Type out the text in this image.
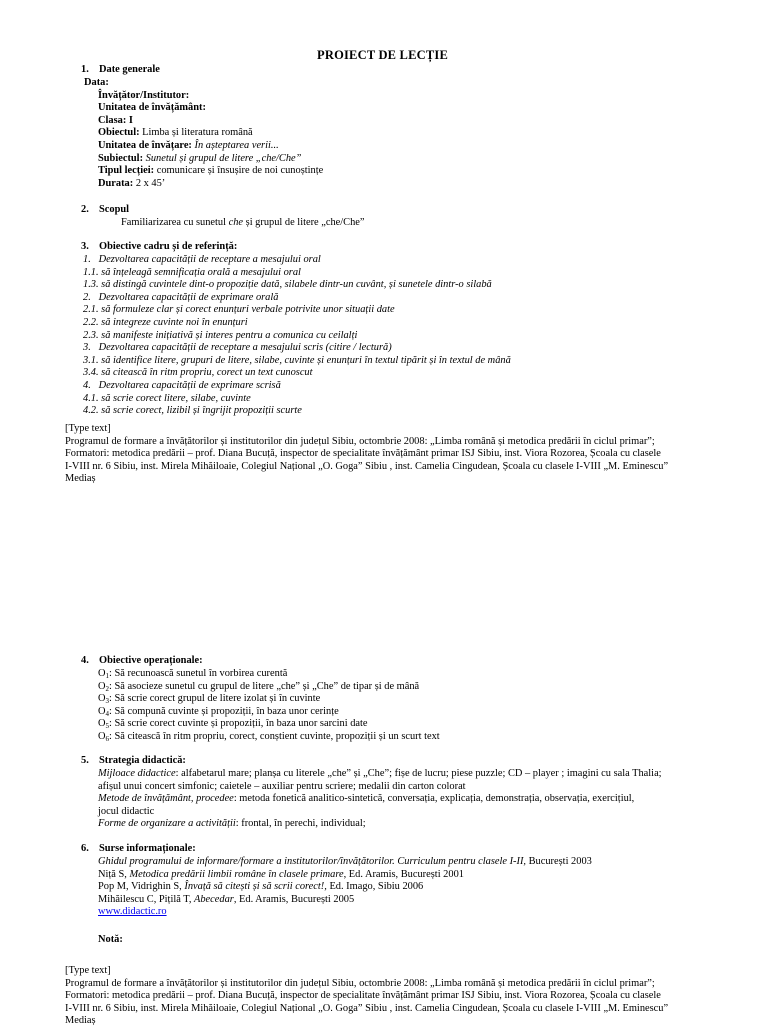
PROIECT DE LECȚIE
1. Date generale
Data:
Învățător/Institutor:
Unitatea de învățământ:
Clasa: I
Obiectul: Limba și literatura română
Unitatea de învățare: În așteptarea verii...
Subiectul: Sunetul și grupul de litere „che/Che”
Tipul lecției: comunicare și însușire de noi cunoștințe
Durata: 2 x 45’
2. Scopul
Familiarizarea cu sunetul che și grupul de litere „che/Che”
3. Obiective cadru și de referință:
1.   Dezvoltarea capacității de receptare a mesajului oral
1.1. să înțeleagă semnificația orală a mesajului oral
1.3. să distingă cuvintele dint-o propoziție dată, silabele dintr-un cuvânt, și sunetele dintr-o silabă
2.   Dezvoltarea capacității de exprimare orală
2.1. să formuleze clar și corect enunțuri verbale potrivite unor situații date
2.2. să integreze cuvinte noi în enunțuri
2.3. să manifeste inițiativă și interes pentru a comunica cu ceilalți
3.   Dezvoltarea capacității de receptare a mesajului scris (citire / lectură)
3.1. să identifice litere, grupuri de litere, silabe, cuvinte și enunțuri în textul tipărit și în textul de mână
3.4. să citească în ritm propriu, corect un text cunoscut
4.   Dezvoltarea capacității de exprimare scrisă
4.1. să scrie corect litere, silabe, cuvinte
4.2. să scrie corect, lizibil și îngrijit propoziții scurte
[Type text]
Programul de formare a învățătorilor și institutorilor din județul Sibiu, octombrie 2008: „Limba română și metodica predării în ciclul primar”;
Formatori: metodica predării – prof. Diana Bucuță, inspector de specialitate învățământ primar ISJ Sibiu, inst. Viora Rozorea, Școala cu clasele
I-VIII nr. 6 Sibiu, inst. Mirela Mihăiloaie, Colegiul Național „O. Goga” Sibiu , inst. Camelia Cingudean, Școala cu clasele I-VIII „M. Eminescu”
Mediaș
4. Obiective operaționale:
$O_1$: Să recunoască sunetul în vorbirea curentă
$O_2$: Să asocieze sunetul cu grupul de litere „che” și „Che” de tipar și de mână
$O_3$: Să scrie corect grupul de litere izolat și în cuvinte
$O_4$: Să compună cuvinte și propoziții, în baza unor cerințe
$O_5$: Să scrie corect cuvinte și propoziții, în baza unor sarcini date
$O_6$: Să citească în ritm propriu, corect, conștient cuvinte, propoziții și un scurt text
5. Strategia didactică:
Mijloace didactice: alfabetarul mare; planșa cu literele „che” și „Che”; fișe de lucru; piese puzzle; CD – player ; imagini cu sala Thalia;
afișul unui concert simfonic; caietele – auxiliar pentru scriere; medalii din carton colorat
Metode de învățământ, procedee: metoda fonetică analitico-sintetică, conversația, explicația, demonstrația, observația, exercițiul,
jocul didactic
Forme de organizare a activității: frontal, în perechi, individual;
6. Surse informaționale:
Ghidul programului de informare/formare a institutorilor/învățătorilor. Curriculum pentru clasele I-II, București 2003
Niță S, Metodica predării limbii române în clasele primare, Ed. Aramis, București 2001
Pop M, Vidrighin S, Învață să citești și să scrii corect!, Ed. Imago, Sibiu 2006
Mihăilescu C, Pițilă T, Abecedar, Ed. Aramis, București 2005
www.didactic.ro
Notă:
[Type text]
Programul de formare a învățătorilor și institutorilor din județul Sibiu, octombrie 2008: „Limba română și metodica predării în ciclul primar”;
Formatori: metodica predării – prof. Diana Bucuță, inspector de specialitate învățământ primar ISJ Sibiu, inst. Viora Rozorea, Școala cu clasele
I-VIII nr. 6 Sibiu, inst. Mirela Mihăiloaie, Colegiul Național „O. Goga” Sibiu , inst. Camelia Cingudean, Școala cu clasele I-VIII „M. Eminescu”
Mediaș
